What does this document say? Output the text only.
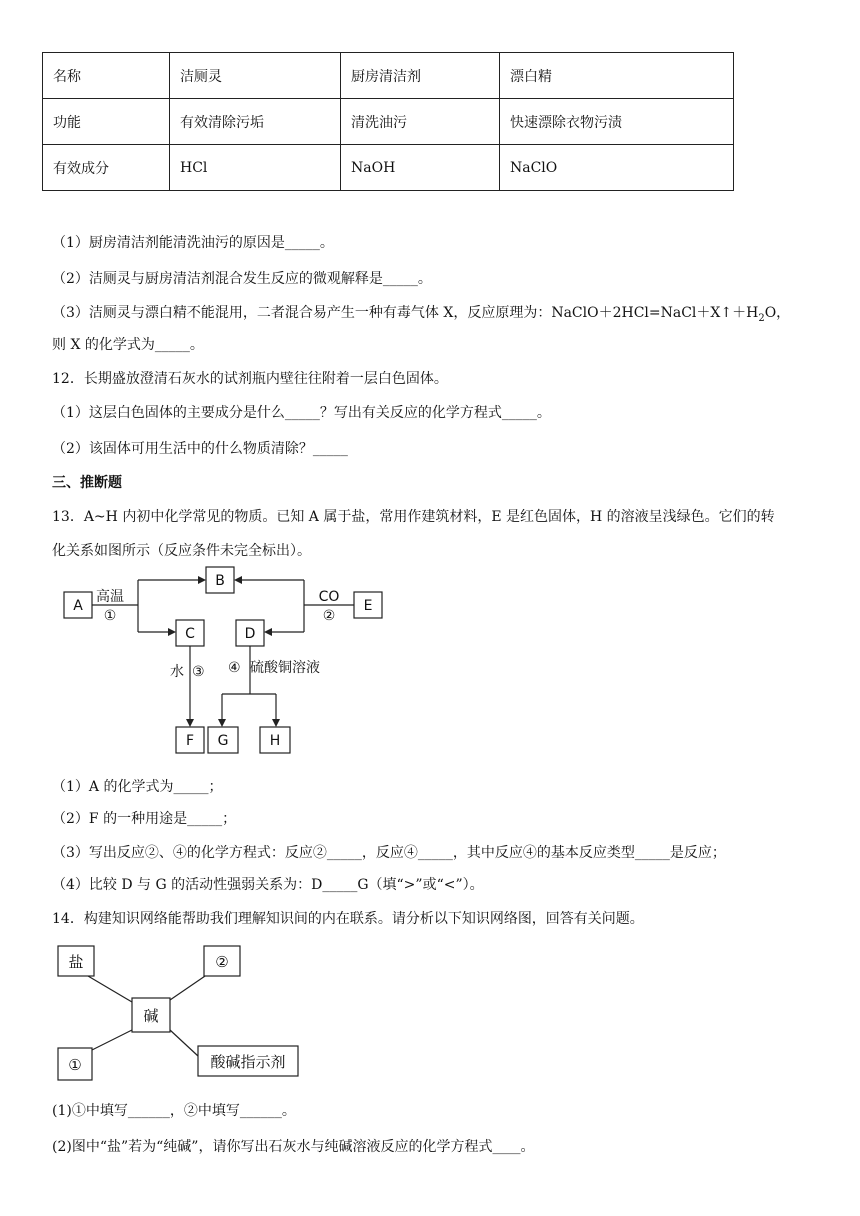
名称	洁厕灵	厨房清洁剂	漂白精
功能	有效清除污垢	清洗油污	快速漂除衣物污渍
有效成分	HCl	NaOH	NaClO
（1）厨房清洁剂能清洗油污的原因是_____。
（2）洁厕灵与厨房清洁剂混合发生反应的微观解释是_____。
（3）洁厕灵与漂白精不能混用，二者混合易产生一种有毒气体 X，反应原理为：$NaClO+2HCl=NaCl+X↑+H_2O$，
则 X 的化学式为_____。
12．长期盛放澄清石灰水的试剂瓶内壁往往附着一层白色固体。
（1）这层白色固体的主要成分是什么_____？写出有关反应的化学方程式_____。
（2）该固体可用生活中的什么物质清除？_____
三、推断题
13．A~H 内初中化学常见的物质。已知 A 属于盐，常用作建筑材料，E 是红色固体，H 的溶液呈浅绿色。它们的转
化关系如图所示（反应条件未完全标出）。
A
B
C	D
E
F G	H
高温
①
CO
②
水 ③ ④ 硫酸铜溶液
盐	②
碱
①	酸碱指示剂
（1）A 的化学式为_____；
（2）F 的一种用途是_____；
（3）写出反应②、④的化学方程式：反应②_____，反应④_____，其中反应④的基本反应类型_____是反应；
（4）比较 D 与 G 的活动性强弱关系为：D_____G（填“>”或“<”）。
14．构建知识网络能帮助我们理解知识间的内在联系。请分析以下知识网络图，回答有关问题。
(1)①中填写______，②中填写______。
(2)图中“盐”若为“纯碱”，请你写出石灰水与纯碱溶液反应的化学方程式____。
